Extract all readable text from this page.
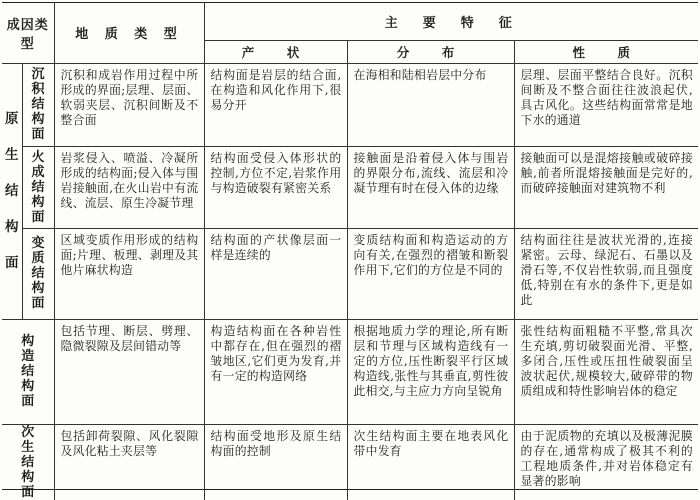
成因类型		地 质 类 型	主　要　特　征		
			产　状	分　布	性　质
原生结构面	沉积结构面	沉积和成岩作用过程中所形成的界面;层理、层面、软弱夹层、沉积间断及不整合面	结构面是岩层的结合面,在构造和风化作用下,很易分开	在海相和陆相岩层中分布	层理、层面平整结合良好。沉积间断及不整合面往往波浪起伏,具古风化。这些结构面常常是地下水的通道
	火成结构面	岩浆侵入、喷溢、冷凝所形成的结构面;侵入体与围岩接触面,在火山岩中有流线、流层、原生冷凝节理	结构面受侵入体形状的控制,方位不定,岩浆作用与构造破裂有紧密关系	接触面是沿着侵入体与围岩的界限分布,流线、流层和冷凝节理有时在侵入体的边缘	接触面可以是混熔接触或破碎接触,前者所混熔接触面是完好的,而破碎接触面对建筑物不利
	变质结构面	区域变质作用形成的结构面;片理、板理、剥理及其他片麻状构造	结构面的产状像层面一样是连续的	变质结构面和构造运动的方向有关,在强烈的褶皱和断裂作用下,它们的方位是不同的	结构面往往是波状光滑的,连接紧密。云母、绿泥石、石墨以及滑石等,不仅岩性软弱,而且强度低,特别在有水的条件下,更是如此
构造结构面		包括节理、断层、劈理、隐微裂隙及层间错动等	构造结构面在各种岩性中都存在,但在强烈的褶皱地区,它们更为发育,并有一定的构造网络	根据地质力学的理论,所有断层和节理与区域构造线有一定的方位,压性断裂平行区域构造线,张性与其垂直,剪性彼此相交,与主应力方向呈锐角	张性结构面粗糙不平整,常具次生充填,剪切破裂面光滑、平整,多闭合,压性或压扭性破裂面呈波状起伏,规模较大,破碎带的物质组成和特性影响岩体的稳定
次生结构面		包括卸荷裂隙、风化裂隙及风化粘土夹层等	结构面受地形及原生结构面的控制	次生结构面主要在地表风化带中发育	由于泥质物的充填以及极薄泥膜的存在,通常构成了极其不利的工程地质条件,并对岩体稳定有显著的影响
